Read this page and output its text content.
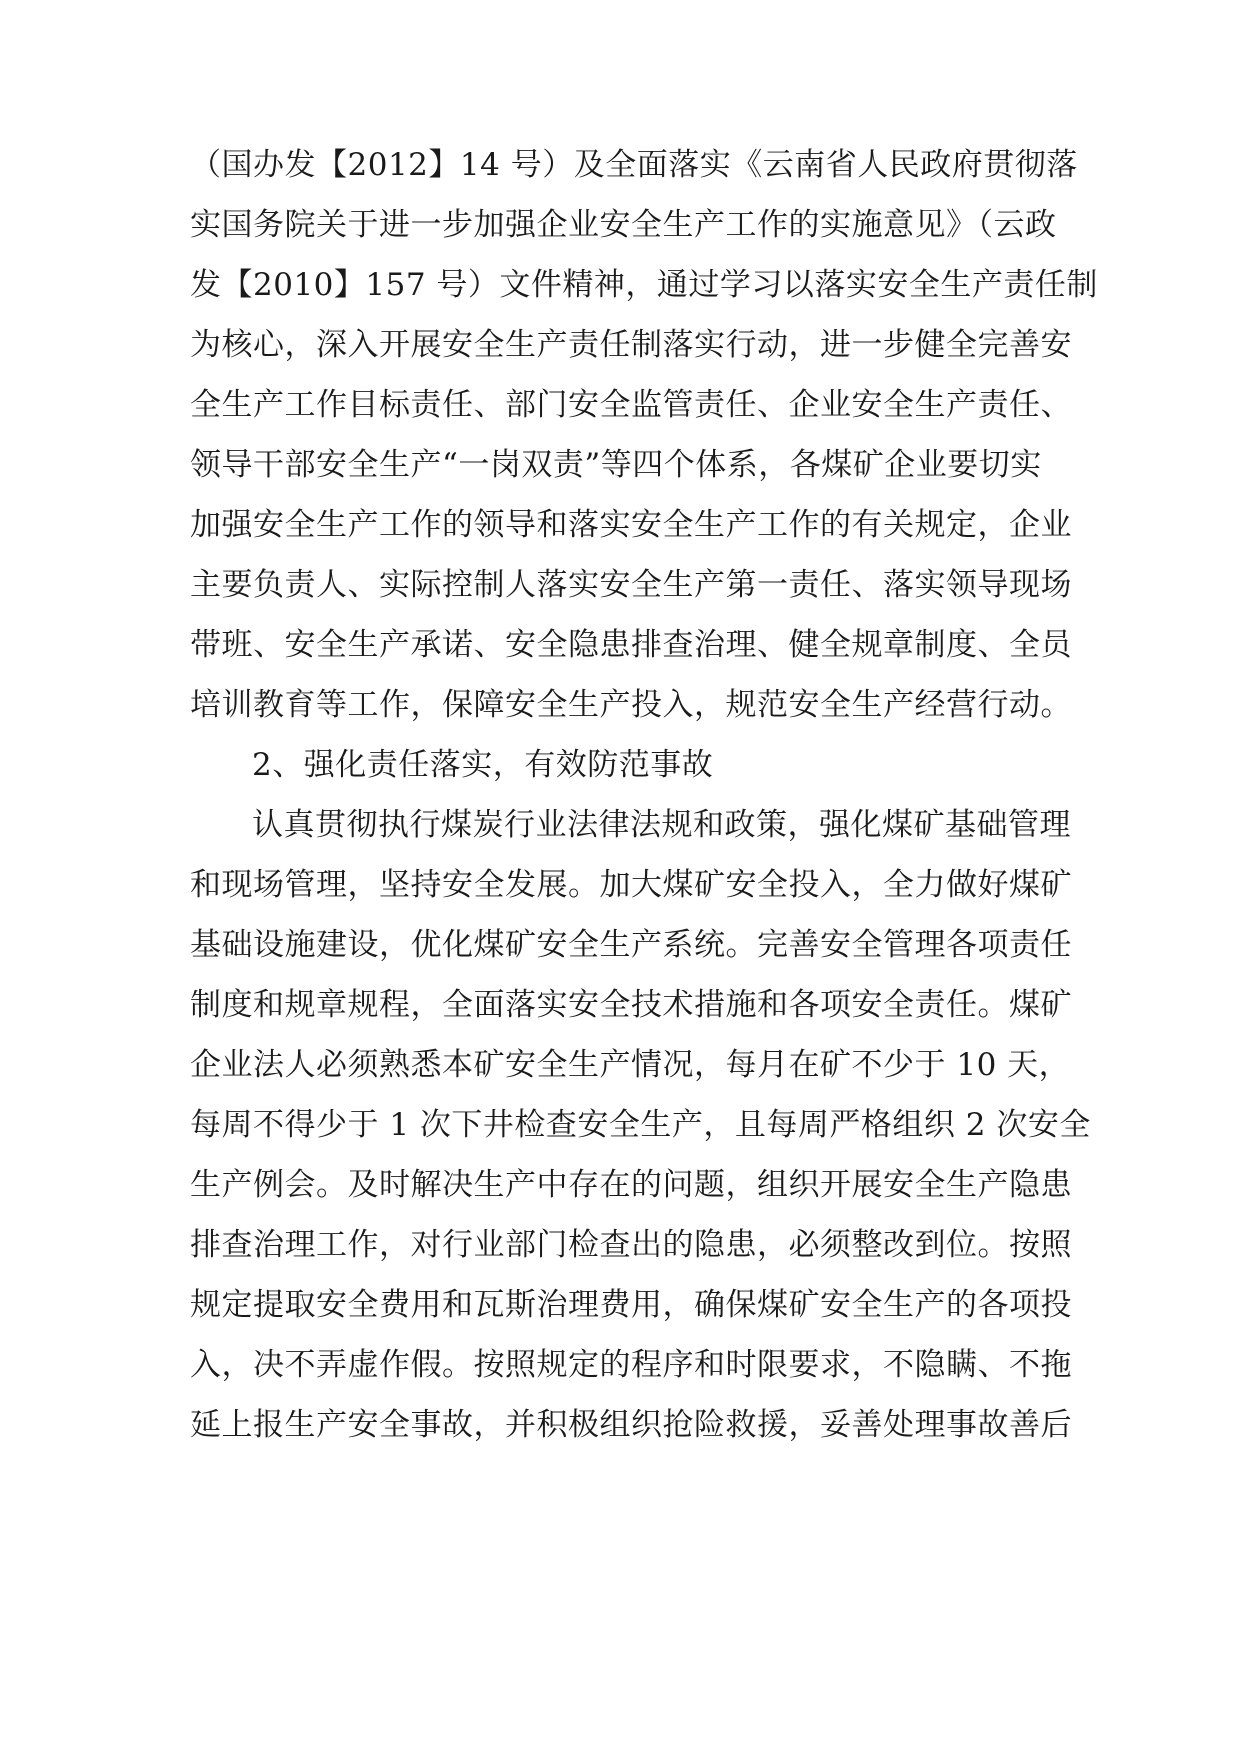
（国办发【2012】14 号）及全面落实《云南省人民政府贯彻落
实国务院关于进一步加强企业安全生产工作的实施意见》（云政
发【2010】157 号）文件精神，通过学习以落实安全生产责任制
为核心，深入开展安全生产责任制落实行动，进一步健全完善安
全生产工作目标责任、部门安全监管责任、企业安全生产责任、
领导干部安全生产“一岗双责”等四个体系，各煤矿企业要切实
加强安全生产工作的领导和落实安全生产工作的有关规定，企业
主要负责人、实际控制人落实安全生产第一责任、落实领导现场
带班、安全生产承诺、安全隐患排查治理、健全规章制度、全员
培训教育等工作，保障安全生产投入，规范安全生产经营行动。
2、强化责任落实，有效防范事故
认真贯彻执行煤炭行业法律法规和政策，强化煤矿基础管理
和现场管理，坚持安全发展。加大煤矿安全投入，全力做好煤矿
基础设施建设，优化煤矿安全生产系统。完善安全管理各项责任
制度和规章规程，全面落实安全技术措施和各项安全责任。煤矿
企业法人必须熟悉本矿安全生产情况，每月在矿不少于 10 天，
每周不得少于 1 次下井检查安全生产，且每周严格组织 2 次安全
生产例会。及时解决生产中存在的问题，组织开展安全生产隐患
排查治理工作，对行业部门检查出的隐患，必须整改到位。按照
规定提取安全费用和瓦斯治理费用，确保煤矿安全生产的各项投
入，决不弄虚作假。按照规定的程序和时限要求，不隐瞒、不拖
延上报生产安全事故，并积极组织抢险救援，妥善处理事故善后
